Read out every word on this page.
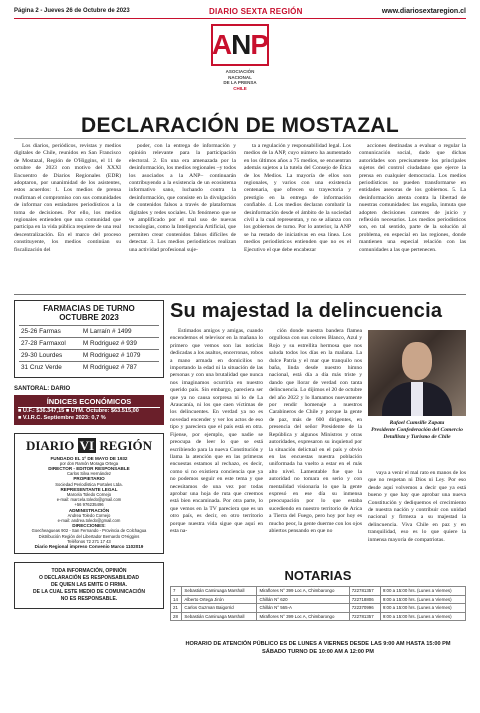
Página 2 - Jueves 26 de Octubre de 2023	DIARIO SEXTA REGIÓN	www.diariosextaregion.cl
A N P
ASOCIACIÓN
NACIONAL
DE LA PRENSA
CHILE
DECLARACIÓN DE MOSTAZAL

Los diarios, periódicos, revistas y medios digitales de Chile, reunidos en San Francisco de Mostazal, Región de O'Higgins, el 11 de octubre de 2023 con motivo del XXXI Encuentro de Diarios Regionales (EDR) adoptaron, por unanimidad de los asistentes, estos acuerdos: 1. Los medios de prensa reafirman el compromiso con sus comunidades de informar con estándares periodísticos a la toma de decisiones. Por ello, los medios regionales entienden que una comunidad que participa en la vida pública requiere de una real descentralización. En el marco del proceso constituyente, los medios continúan su fiscalización del

poder, con la entrega de información y opinión relevante para la participación electoral. 2. En una era amenazada por la desinformación, los medios regionales –y todos los asociados a la ANP– continuarán contribuyendo a la existencia de un ecosistema informativo sano, luchando contra la desinformación, que consiste en la divulgación de contenidos falsos a través de plataformas digitales y redes sociales. Un fenómeno que se ve amplificado por el mal uso de nuevas tecnologías, como la Inteligencia Artificial, que permiten crear contenidos falsos difíciles de detectar. 3. Los medios periodísticos realizan una actividad profesional suje-

ta a regulación y responsabilidad legal. Los medios de la ANP, cuyo número ha aumentado en los últimos años a 75 medios, se encuentran además sujetos a la tutela del Consejo de Ética de los Medios. La mayoría de ellos son regionales, y varios con una existencia centenaria, que ofrecen su trayectoria y prestigio en la entrega de información confiable. 4. Los medios declaran combatir la desinformación desde el ámbito de la sociedad civil a la cual representan, y no se alianza con los gobiernos de turno. Por lo anterior, la ANP se ha restado de iniciativas en esa línea. Los medios periodísticos entienden que no es el Ejecutivo el que debe encabezar

acciones destinadas a evaluar o regular la comunicación social, dado que dichas autoridades son precisamente los principales sujetos del control ciudadano que ejerce la prensa en cualquier democracia. Los medios periodísticos no pueden transformarse en entidades asesoras de los gobiernos. 5. La desinformación atenta contra la libertad de nuestras comunidades: las engaña, inmuta que adopten decisiones carentes de juicio y reflexión necesarios. Los medios periodísticos son, en tal sentido, parte de la solución al problema, en especial en las regiones, donde mantienen una especial relación con las comunidades a las que pertenecen.

FARMACIAS DE TURNO
OCTUBRE 2023
25-26 Farmas	M Larraín # 1499
27-28 Farmaxol	M Rodriguez # 939
29-30 Lourdes	M Rodriguez # 1079
31 Cruz Verde	M Rodriguez # 787
SANTORAL: DARIO
ÍNDICES ECONÓMICOS
■ U.F.: $36.347,15 ■ UTM. Octubre: $63.515,00
■ V.I.R.C. Septiembre 2023: 0,7 %
DIARIO VI REGIÓN
FUNDADO EL 1º DE MAYO DE 1932
por don Ramón Moraga Ortega
DIRECTOR - EDITOR RESPONSABLE
Carlos Silva Hernández
PROPIETARIO
Sociedad Periodística Portales Ltda.
REPRESENTANTE LEGAL
Marcela Toledo Cornejo
e-mail: marcela.toledo@gmail.com
+56 976235496
ADMINISTRACIÓN
Andrea Toledo Cornejo
e-mail: andrea.toledo@gmail.com
DIRECCIONES:
Goecheagueas 902 - San Fernando - Provincia de Colchagua
Distribución Región del Libertador Bernardo O'Higgins
Teléfonos 72 271 17 43
Diario Regional impreso Convenio Marco 1102019
TODA INFORMACIÓN, OPINIÓN
O DECLARACIÓN ES RESPONSABILIDAD
DE QUIEN LAS EMITE O FIRMA.
DE LA CUAL ESTE MEDIO DE COMUNICACIÓN
NO ES RESPONSABLE.
Su majestad la delincuencia

Estimados amigos y amigas, cuando encendemos el televisor en la mañana lo primero que vemos son las noticias dedicadas a los asaltos, encerronas, robos a mano armada en domicilios no importando la edad ni la situación de las personas y con una brutalidad que nunca nos imaginamos ocurriría en nuestro querido país. Sin embargo, pareciera ser que ya no causa sorpresa ni lo de La Araucanía, ni los que caen víctimas de los delincuentes. En verdad ya no es novedad encender y ver los actos de eso tipo y pareciera que el país está en otra. Fijense, por ejemplo, que nadie se preocupa de leer lo que se está escribiendo para la nueva Constitución y llama la atención que en las primeras encuestas estamos al rechazo, es decir, como si no existiera conciencia que ya no podemos seguir en este tema y que necesitamos de una vez por todas aprobar una hoja de ruta que creemos está bien encaminada. Por otra parte, lo que vemos en la TV pareciera que es un otro país, es decir, en otro territorio porque nuestra vida sigue que aquí en esta na-

ción donde nuestra bandera flamea orgullosa con sus colores Blanco, Azul y Rojo y su estrellita hermosa que nos saluda todos los días en la mañana. La dulce Patria y el mar que tranquilo nos baña, linda desde nuestro himno nacional, está día a día más triste y dando que llorar de verdad con tanta delincuencia. Lo dijimos el 20 de octubre del año 2022 y lo llamamos nuevamente por rendir homenaje a nuestros Carabineros de Chile y porque la gente de paz, más de 600 dirigentes, en presencia del señor Presidente de la República y algunos Ministros y otras autoridades, expresaron su inquietud por la situación delictual en el país y obvio en las encuestas nuestra población uniformada ha vuelto a estar en el más alto nivel. Lamentable fue que la autoridad no tomara en serio y con mentalidad visionaria lo que la gente expresó en ese día su inmensa preocupación por lo que estaba sucediendo en nuestro territorio de Arica a Tierra del Fuego, pero hoy por hoy es mucho peor, la gente duerme con los ojos abiertos pensando en que no

Rafael Cumsille Zapata
Presidente Confederación del Comercio Detallista y Turismo de Chile

vaya a venir el mal rato en manos de los que no respetan ni Dios ni Ley. Por eso desde aquí volvemos a decir que ya está bueno y que hay que aprobar una nueva Constitución y dediquemos el crecimiento de nuestra nación y contribuir con unidad nacional y firmeza a su majestad la delincuencia. Viva Chile en paz y en tranquilidad, eso es lo que quiere la inmensa mayoría de compatriotas.

NOTARIAS
7	Sebastián Camiruaga Marshall	Miraflores N° 399 Loc A, Chimbarongo	722781357	9:00 a 15:00 hrs. (Lunes a Viernes)
14	Alberto Ortega Jirón	Chillán N° 620	722718806	9:00 a 15:00 hrs. (Lunes a Viernes)
21	Carlos Guzman Baigorrid	Chillán N° 565-A	722370996	9:00 a 15:00 hrs. (Lunes a Viernes)
28	Sebastián Camiruaga Marshall	Miraflores N° 399 Loc A, Chimbarongo	722781357	9:00 a 15:00 hrs. (Lunes a Viernes)
HORARIO DE ATENCIÓN PÚBLICO ES DE LUNES A VIERNES DESDE LAS 9:00 AM HASTA 15:00 PM
SÁBADO TURNO DE 10:00 AM A 12:00 PM
